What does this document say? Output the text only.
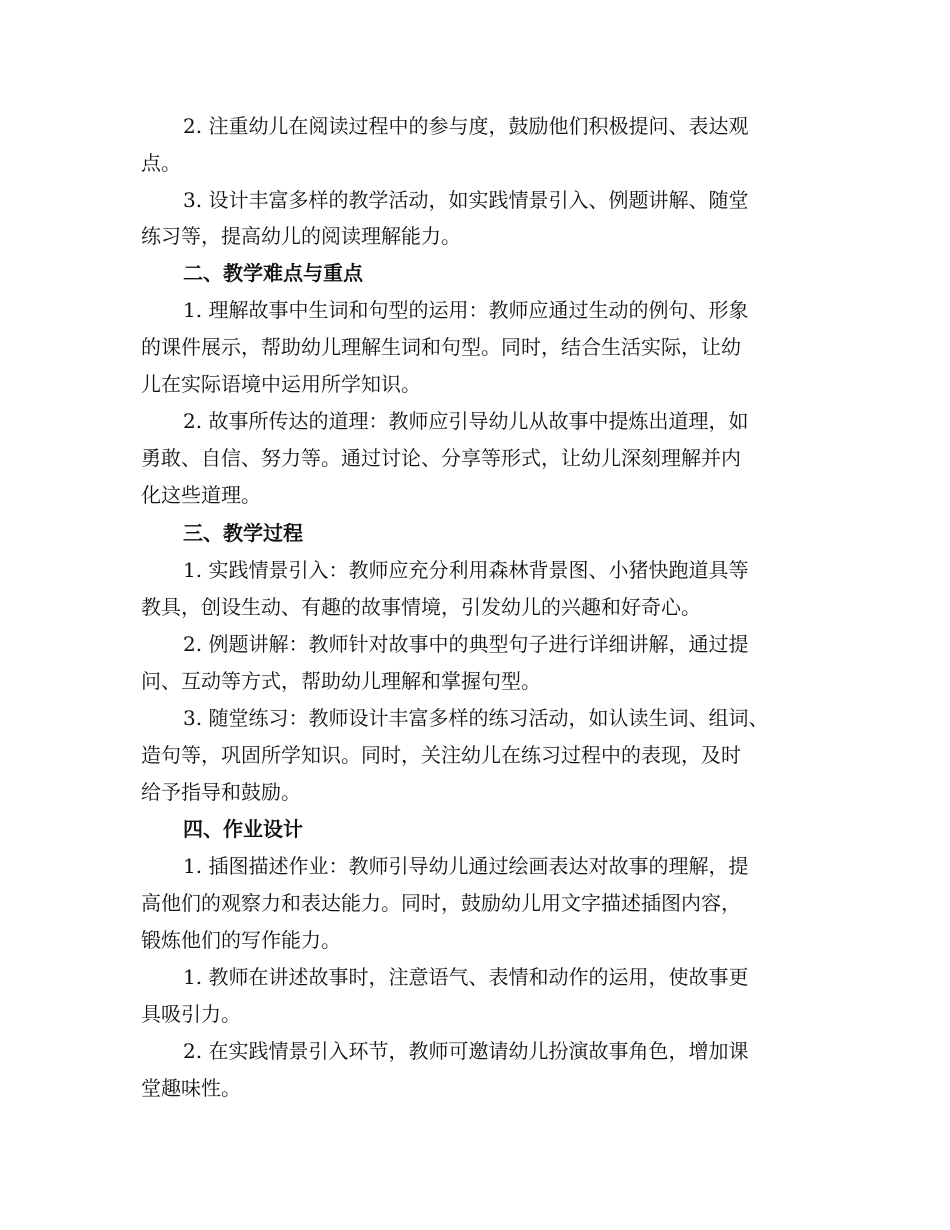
2. 注重幼儿在阅读过程中的参与度，鼓励他们积极提问、表达观
点。
3. 设计丰富多样的教学活动，如实践情景引入、例题讲解、随堂
练习等，提高幼儿的阅读理解能力。
二、教学难点与重点
1. 理解故事中生词和句型的运用：教师应通过生动的例句、形象
的课件展示，帮助幼儿理解生词和句型。同时，结合生活实际，让幼
儿在实际语境中运用所学知识。
2. 故事所传达的道理：教师应引导幼儿从故事中提炼出道理，如
勇敢、自信、努力等。通过讨论、分享等形式，让幼儿深刻理解并内
化这些道理。
三、教学过程
1. 实践情景引入：教师应充分利用森林背景图、小猪快跑道具等
教具，创设生动、有趣的故事情境，引发幼儿的兴趣和好奇心。
2. 例题讲解：教师针对故事中的典型句子进行详细讲解，通过提
问、互动等方式，帮助幼儿理解和掌握句型。
3. 随堂练习：教师设计丰富多样的练习活动，如认读生词、组词、
造句等，巩固所学知识。同时，关注幼儿在练习过程中的表现，及时
给予指导和鼓励。
四、作业设计
1. 插图描述作业：教师引导幼儿通过绘画表达对故事的理解，提
高他们的观察力和表达能力。同时，鼓励幼儿用文字描述插图内容，
锻炼他们的写作能力。
1. 教师在讲述故事时，注意语气、表情和动作的运用，使故事更
具吸引力。
2. 在实践情景引入环节，教师可邀请幼儿扮演故事角色，增加课
堂趣味性。
